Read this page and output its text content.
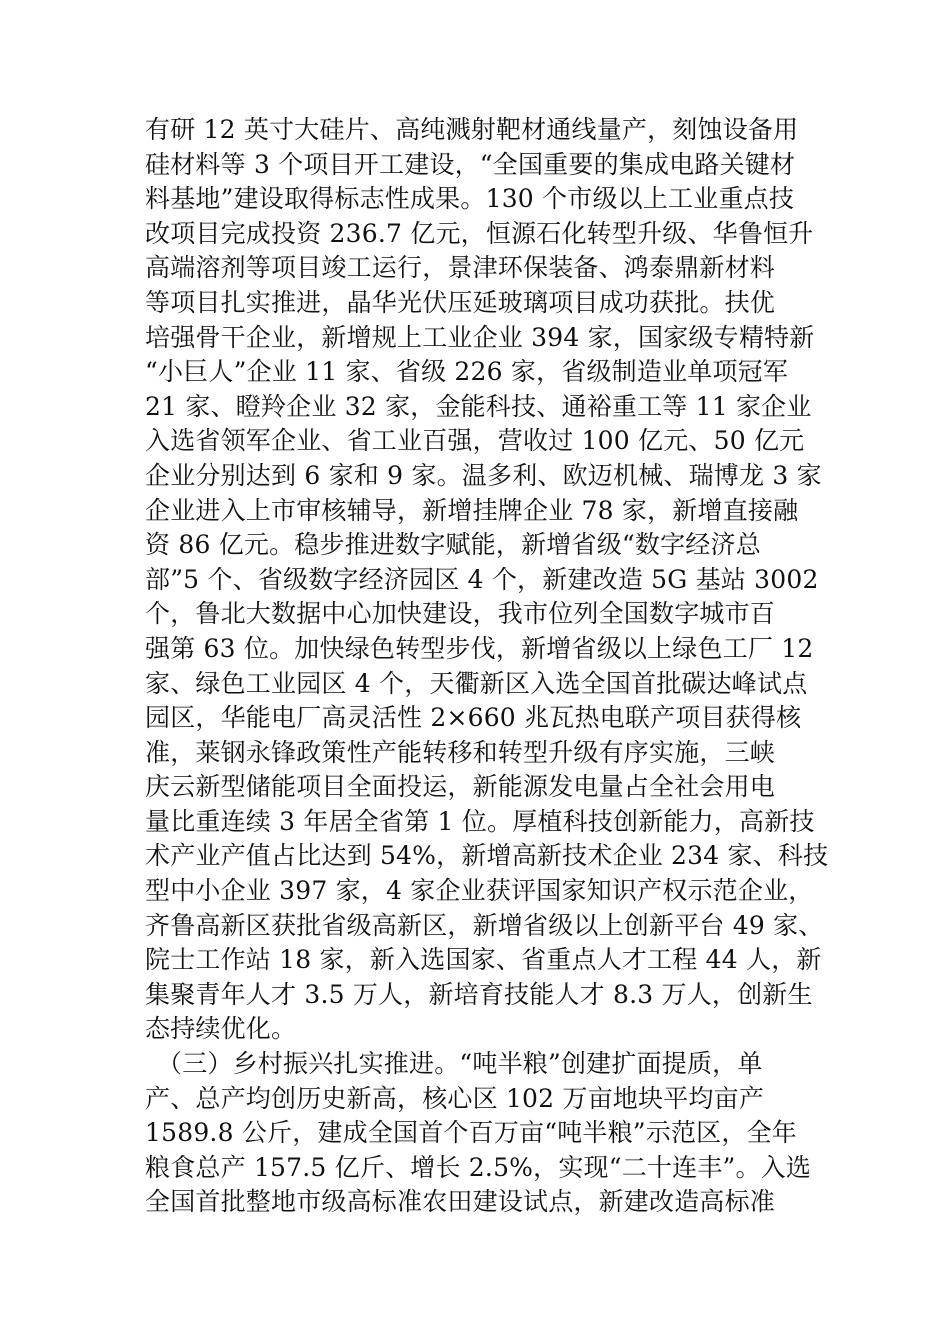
有研 12 英寸大硅片、高纯溅射靶材通线量产，刻蚀设备用
硅材料等 3 个项目开工建设，“全国重要的集成电路关键材
料基地”建设取得标志性成果。130 个市级以上工业重点技
改项目完成投资 236.7 亿元，恒源石化转型升级、华鲁恒升
高端溶剂等项目竣工运行，景津环保装备、鸿泰鼎新材料
等项目扎实推进，晶华光伏压延玻璃项目成功获批。扶优
培强骨干企业，新增规上工业企业 394 家，国家级专精特新
“小巨人”企业 11 家、省级 226 家，省级制造业单项冠军
21 家、瞪羚企业 32 家，金能科技、通裕重工等 11 家企业
入选省领军企业、省工业百强，营收过 100 亿元、50 亿元
企业分别达到 6 家和 9 家。温多利、欧迈机械、瑞博龙 3 家
企业进入上市审核辅导，新增挂牌企业 78 家，新增直接融
资 86 亿元。稳步推进数字赋能，新增省级“数字经济总
部”5 个、省级数字经济园区 4 个，新建改造 5G 基站 3002
个，鲁北大数据中心加快建设，我市位列全国数字城市百
强第 63 位。加快绿色转型步伐，新增省级以上绿色工厂 12
家、绿色工业园区 4 个，天衢新区入选全国首批碳达峰试点
园区，华能电厂高灵活性 2×660 兆瓦热电联产项目获得核
准，莱钢永锋政策性产能转移和转型升级有序实施，三峡
庆云新型储能项目全面投运，新能源发电量占全社会用电
量比重连续 3 年居全省第 1 位。厚植科技创新能力，高新技
术产业产值占比达到 54%，新增高新技术企业 234 家、科技
型中小企业 397 家，4 家企业获评国家知识产权示范企业，
齐鲁高新区获批省级高新区，新增省级以上创新平台 49 家、
院士工作站 18 家，新入选国家、省重点人才工程 44 人，新
集聚青年人才 3.5 万人，新培育技能人才 8.3 万人，创新生
态持续优化。
（三）乡村振兴扎实推进。“吨半粮”创建扩面提质，单
产、总产均创历史新高，核心区 102 万亩地块平均亩产
1589.8 公斤，建成全国首个百万亩“吨半粮”示范区，全年
粮食总产 157.5 亿斤、增长 2.5%，实现“二十连丰”。入选
全国首批整地市级高标准农田建设试点，新建改造高标准
